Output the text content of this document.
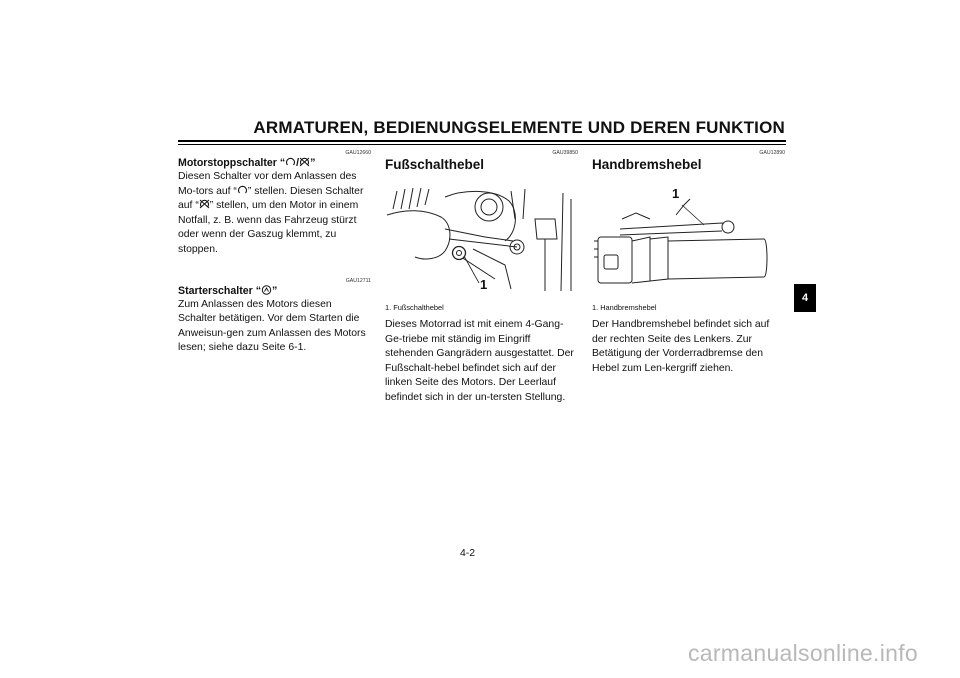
ARMATUREN, BEDIENUNGSELEMENTE UND DEREN FUNKTION
GAU12660
Motorstoppschalter “ / ”

Diesen Schalter vor dem Anlassen des Mo-tors auf “ ” stellen. Diesen Schalter auf “ ” stellen, um den Motor in einem Notfall, z. B. wenn das Fahrzeug stürzt oder wenn der Gaszug klemmt, zu stoppen.

GAU12711
Starterschalter “ ”

Zum Anlassen des Motors diesen Schalter betätigen. Vor dem Starten die Anweisun-gen zum Anlassen des Motors lesen; siehe dazu Seite 6-1.

GAU39850
Fußschalthebel
1
1. Fußschalthebel

Dieses Motorrad ist mit einem 4-Gang-Ge-triebe mit ständig im Eingriff stehenden Gangrädern ausgestattet. Der Fußschalt-hebel befindet sich auf der linken Seite des Motors. Der Leerlauf befindet sich in der un-tersten Stellung.

GAU12890
Handbremshebel
1
1. Handbremshebel

Der Handbremshebel befindet sich auf der rechten Seite des Lenkers. Zur Betätigung der Vorderradbremse den Hebel zum Len-kergriff ziehen.

4
4-2
carmanualsonline.info
